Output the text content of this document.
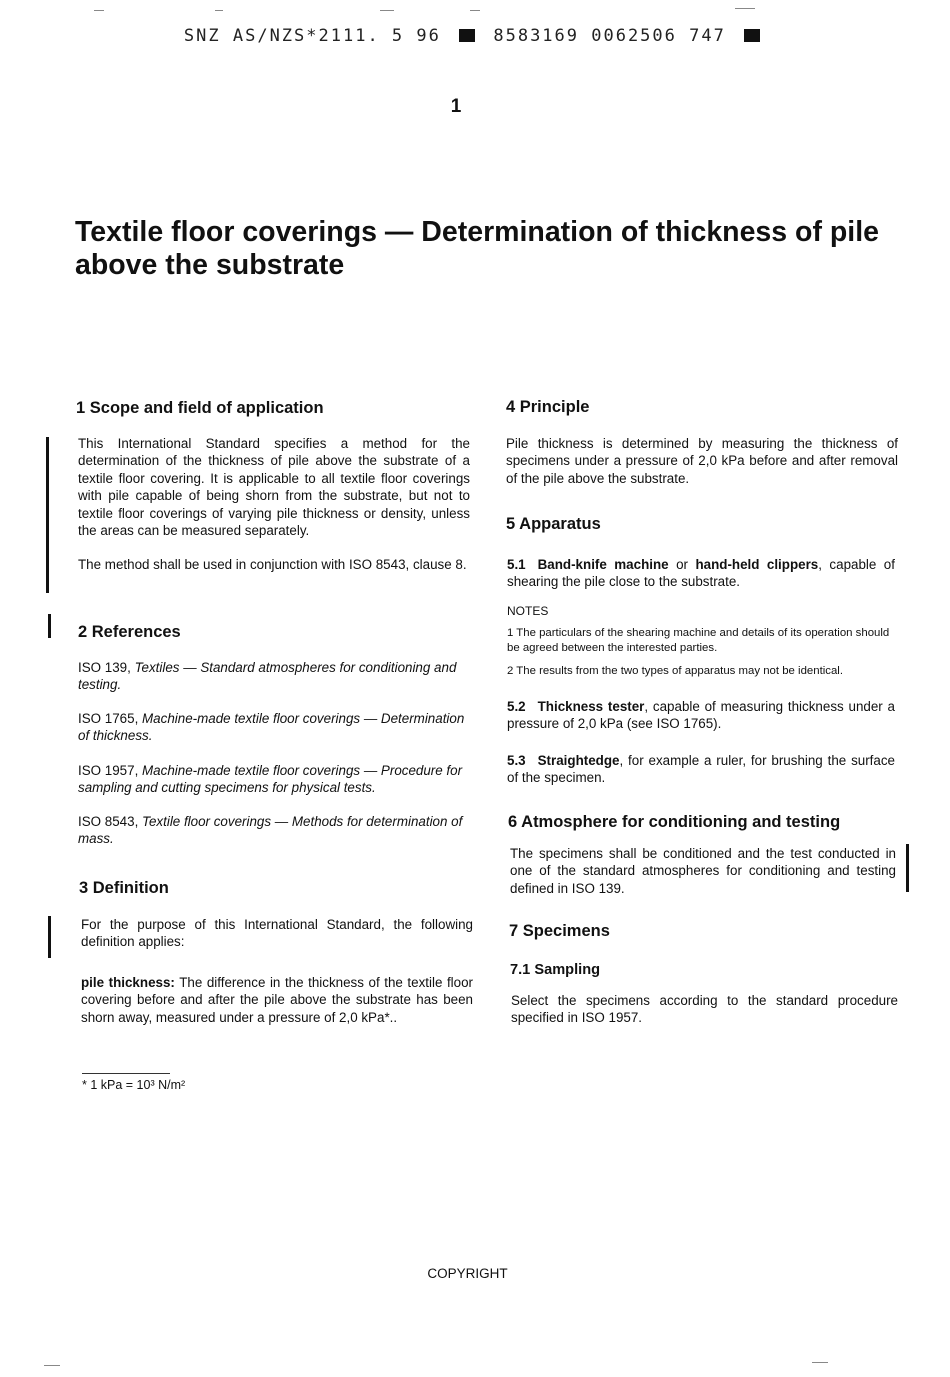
SNZ AS/NZS*2111. 5 96	8583169 0062506 747
1
Textile floor coverings — Determination of thickness of pile above the substrate

1 Scope and field of application

This International Standard specifies a method for the determination of the thickness of pile above the substrate of a textile floor covering. It is applicable to all textile floor coverings with pile capable of being shorn from the substrate, but not to textile floor coverings of varying pile thickness or density, unless the areas can be measured separately.

The method shall be used in conjunction with ISO 8543, clause 8.

2 References

ISO 139, Textiles — Standard atmospheres for conditioning and testing.

ISO 1765, Machine-made textile floor coverings — Determination of thickness.

ISO 1957, Machine-made textile floor coverings — Procedure for sampling and cutting specimens for physical tests.

ISO 8543, Textile floor coverings — Methods for determination of mass.

3 Definition

For the purpose of this International Standard, the following definition applies:

pile thickness: The difference in the thickness of the textile floor covering before and after the pile above the substrate has been shorn away, measured under a pressure of 2,0 kPa*..

* 1 kPa = 10³ N/m²

4 Principle

Pile thickness is determined by measuring the thickness of specimens under a pressure of 2,0 kPa before and after removal of the pile above the substrate.

5 Apparatus

5.1 Band-knife machine or hand-held clippers, capable of shearing the pile close to the substrate.

NOTES
1 The particulars of the shearing machine and details of its operation should be agreed between the interested parties.
2 The results from the two types of apparatus may not be identical.

5.2 Thickness tester, capable of measuring thickness under a pressure of 2,0 kPa (see ISO 1765).

5.3 Straightedge, for example a ruler, for brushing the surface of the specimen.

6 Atmosphere for conditioning and testing

The specimens shall be conditioned and the test conducted in one of the standard atmospheres for conditioning and testing defined in ISO 139.

7 Specimens

7.1 Sampling

Select the specimens according to the standard procedure specified in ISO 1957.

COPYRIGHT
